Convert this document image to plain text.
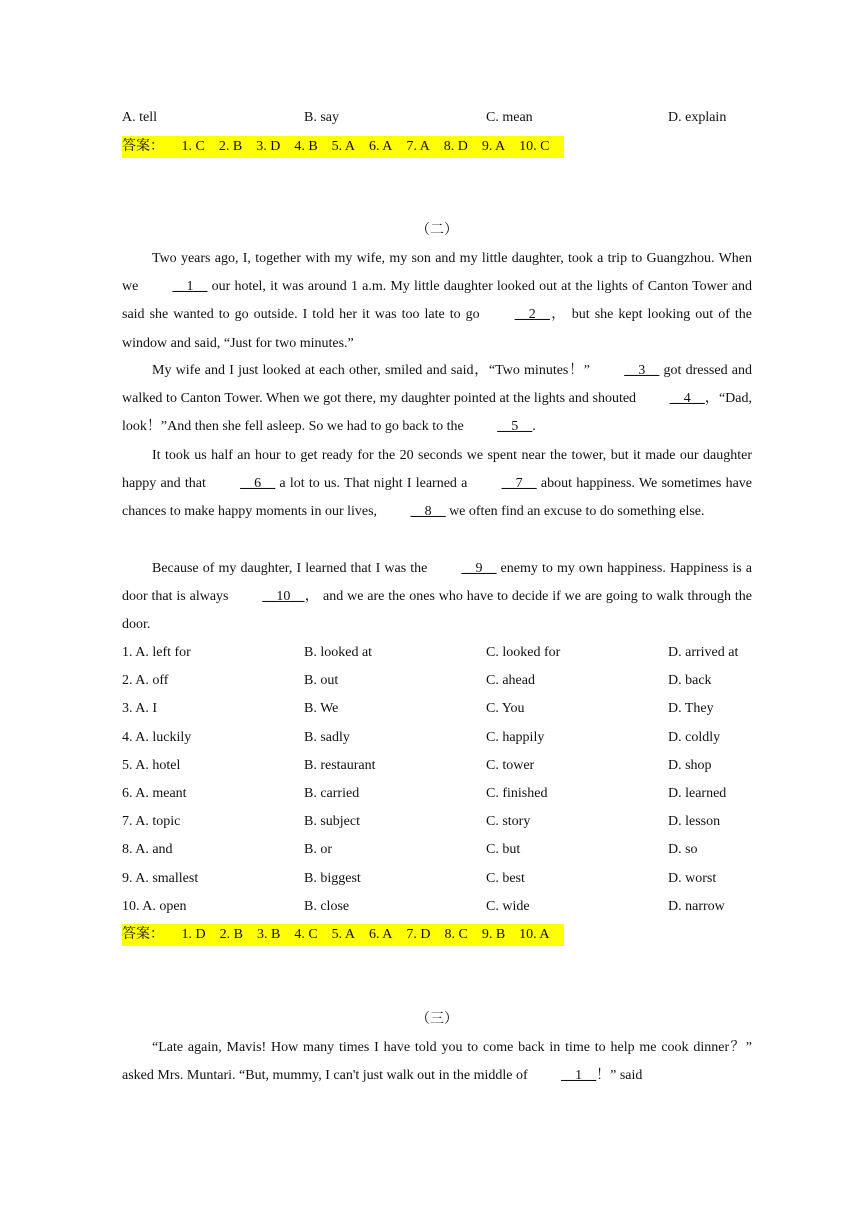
A. tell	B. say	C. mean	D. explain
答案： 1. C 2. B 3. D 4. B 5. A 6. A 7. A 8. D 9. A 10. C
（二）

Two years ago, I, together with my wife, my son and my little daughter, took a trip to Guangzhou. When we __1__ our hotel, it was around 1 a.m. My little daughter looked out at the lights of Canton Tower and said she wanted to go outside. I told her it was too late to go __2__， but she kept looking out of the window and said, “Just for two minutes.”

My wife and I just looked at each other, smiled and said，“Two minutes！” __3__ got dressed and walked to Canton Tower. When we got there, my daughter pointed at the lights and shouted __4__，“Dad, look！”And then she fell asleep. So we had to go back to the __5__.

It took us half an hour to get ready for the 20 seconds we spent near the tower, but it made our daughter happy and that __6__ a lot to us. That night I learned a __7__ about happiness. We sometimes have chances to make happy moments in our lives, __8__ we often find an excuse to do something else.

Because of my daughter, I learned that I was the __9__ enemy to my own happiness. Happiness is a door that is always __10__， and we are the ones who have to decide if we are going to walk through the door.

1. A. left for	B. looked at	C. looked for	D. arrived at
2. A. off	B. out	C. ahead	D. back
3. A. I	B. We	C. You	D. They
4. A. luckily	B. sadly	C. happily	D. coldly
5. A. hotel	B. restaurant	C. tower	D. shop
6. A. meant	B. carried	C. finished	D. learned
7. A. topic	B. subject	C. story	D. lesson
8. A. and	B. or	C. but	D. so
9. A. smallest	B. biggest	C. best	D. worst
10. A. open	B. close	C. wide	D. narrow
答案： 1. D 2. B 3. B 4. C 5. A 6. A 7. D 8. C 9. B 10. A
（三）

“Late again, Mavis! How many times I have told you to come back in time to help me cook dinner？” asked Mrs. Muntari. “But, mummy, I can't just walk out in the middle of __1__！” said
